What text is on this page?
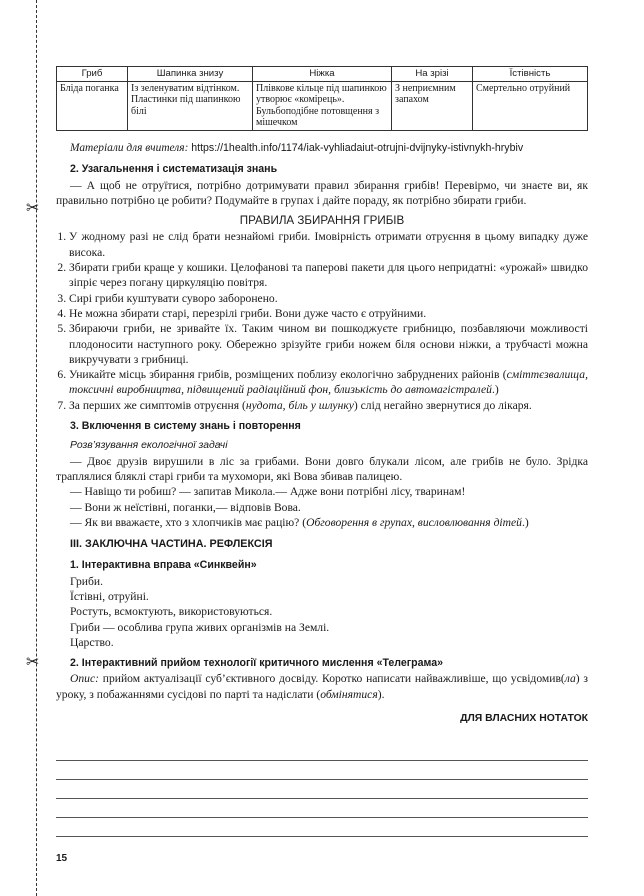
✂
✂
Гриб	Шапинка знизу	Ніжка	На зрізі	Їстівність
Бліда поганка	Із зеленуватим відтінком. Пластинки під шапинкою білі	Плівкове кільце під шапинкою утворює «комірець». Бульбоподібне потовщення з мішечком	З неприємним запахом	Смертельно отруйний

Матеріали для вчителя: https://1health.info/1174/iak-vyhliadaiut-otrujni-dvijnyky-istivnykh-hrybiv

2. Узагальнення і систематизація знань

— А щоб не отруїтися, потрібно дотримувати правил збирання грибів! Перевірмо, чи знаєте ви, як правильно потрібно це робити? Подумайте в групах і дайте пораду, як потрібно збирати гриби.

ПРАВИЛА ЗБИРАННЯ ГРИБІВ

1. У жодному разі не слід брати незнайомі гриби. Імовірність отримати отруєння в цьому випадку дуже висока.
2. Збирати гриби краще у кошики. Целофанові та паперові пакети для цього непридатні: «урожай» швидко зіпріє через погану циркуляцію повітря.
3. Сирі гриби куштувати суворо заборонено.
4. Не можна збирати старі, перезрілі гриби. Вони дуже часто є отруйними.
5. Збираючи гриби, не зривайте їх. Таким чином ви пошкоджуєте грибницю, позбавляючи можливості плодоносити наступного року. Обережно зрізуйте гриби ножем біля основи ніжки, а трубчасті можна викручувати з грибниці.
6. Уникайте місць збирання грибів, розміщених поблизу екологічно забруднених районів (сміттєзвалища, токсичні виробництва, підвищений радіаційний фон, близькість до автомагістралей.)
7. За перших же симптомів отруєння (нудота, біль у шлунку) слід негайно звернутися до лікаря.

3. Включення в систему знань і повторення

Розв’язування екологічної задачі

— Двоє друзів вирушили в ліс за грибами. Вони довго блукали лісом, але грибів не було. Зрідка траплялися бляклі старі гриби та мухомори, які Вова збивав палицею.

— Навіщо ти робиш? — запитав Микола.— Адже вони потрібні лісу, тваринам!

— Вони ж неїстівні, поганки,— відповів Вова.

— Як ви вважаєте, хто з хлопчиків має рацію? (Обговорення в групах, висловлювання дітей.)

III. ЗАКЛЮЧНА ЧАСТИНА. РЕФЛЕКСІЯ

1. Інтерактивна вправа «Синквейн»

Гриби.

Їстівні, отруйні.

Ростуть, всмоктують, використовуються.

Гриби — особлива група живих організмів на Землі.

Царство.

2. Інтерактивний прийом технології критичного мислення «Телеграма»

Опис: прийом актуалізації суб’єктивного досвіду. Коротко написати найважливіше, що усвідомив(ла) з уроку, з побажаннями сусідові по парті та надіслати (обмінятися).

ДЛЯ ВЛАСНИХ НОТАТОК

15
